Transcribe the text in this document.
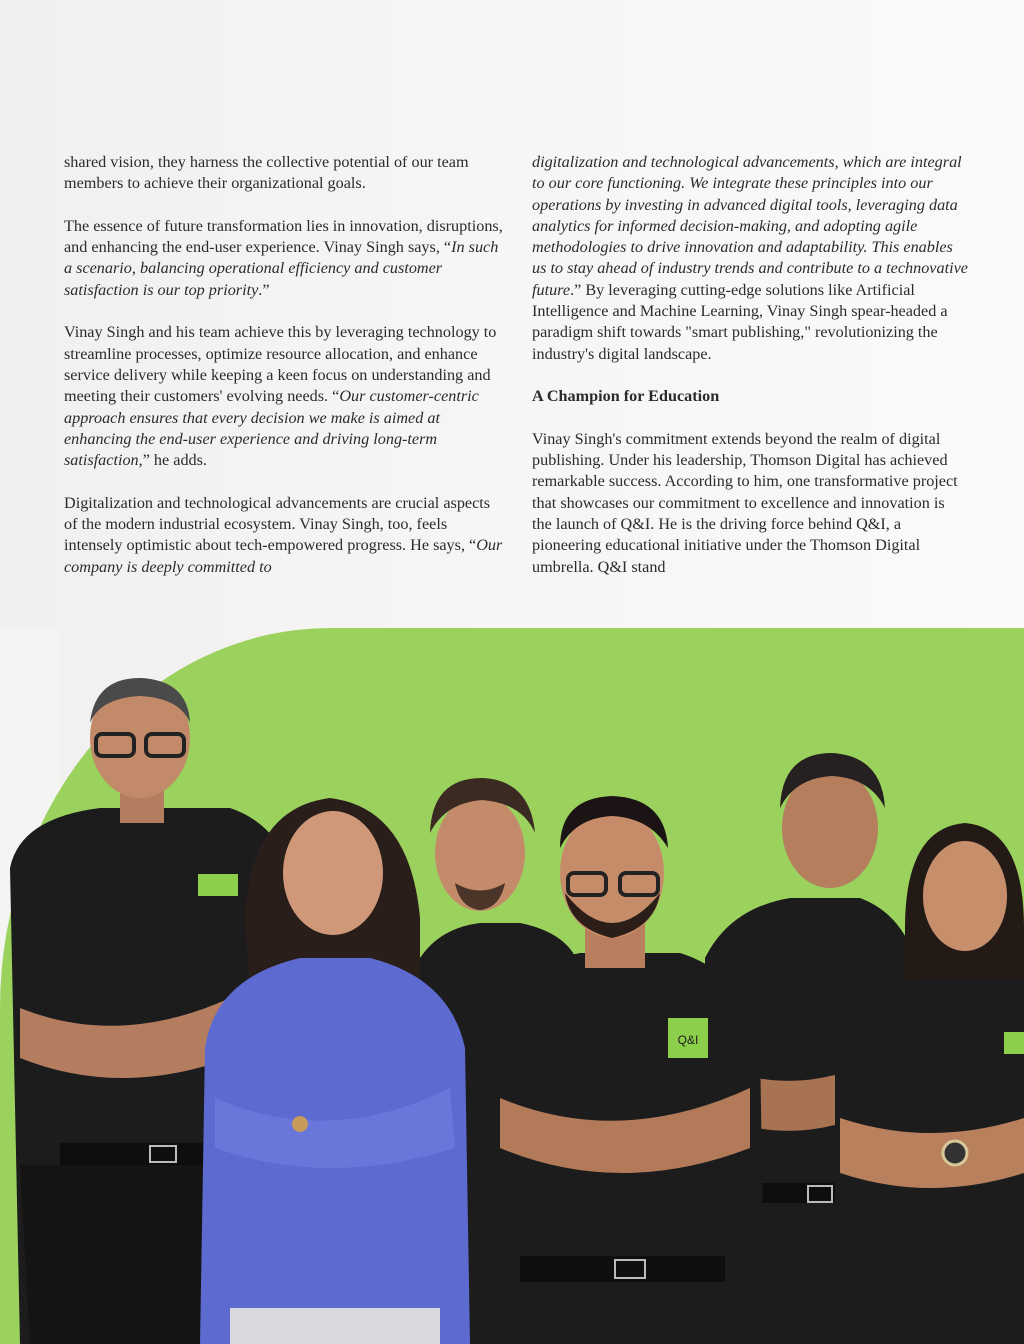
shared vision, they harness the collective potential of our team members to achieve their organizational goals.

The essence of future transformation lies in innovation, disruptions, and enhancing the end-user experience. Vinay Singh says, “In such a scenario, balancing operational efficiency and customer satisfaction is our top priority.”

Vinay Singh and his team achieve this by leveraging technology to streamline processes, optimize resource allocation, and enhance service delivery while keeping a keen focus on understanding and meeting their customers' evolving needs. “Our customer-centric approach ensures that every decision we make is aimed at enhancing the end-user experience and driving long-term satisfaction,” he adds.

Digitalization and technological advancements are crucial aspects of the modern industrial ecosystem. Vinay Singh, too, feels intensely optimistic about tech-empowered progress. He says, “Our company is deeply committed to

digitalization and technological advancements, which are integral to our core functioning. We integrate these principles into our operations by investing in advanced digital tools, leveraging data analytics for informed decision-making, and adopting agile methodologies to drive innovation and adaptability. This enables us to stay ahead of industry trends and contribute to a technovative future.” By leveraging cutting-edge solutions like Artificial Intelligence and Machine Learning, Vinay Singh spear-headed a paradigm shift towards "smart publishing," revolutionizing the industry's digital landscape.

A Champion for Education

Vinay Singh's commitment extends beyond the realm of digital publishing. Under his leadership, Thomson Digital has achieved remarkable success. According to him, one transformative project that showcases our commitment to excellence and innovation is the launch of Q&I. He is the driving force behind Q&I, a pioneering educational initiative under the Thomson Digital umbrella. Q&I stand

Q&I
